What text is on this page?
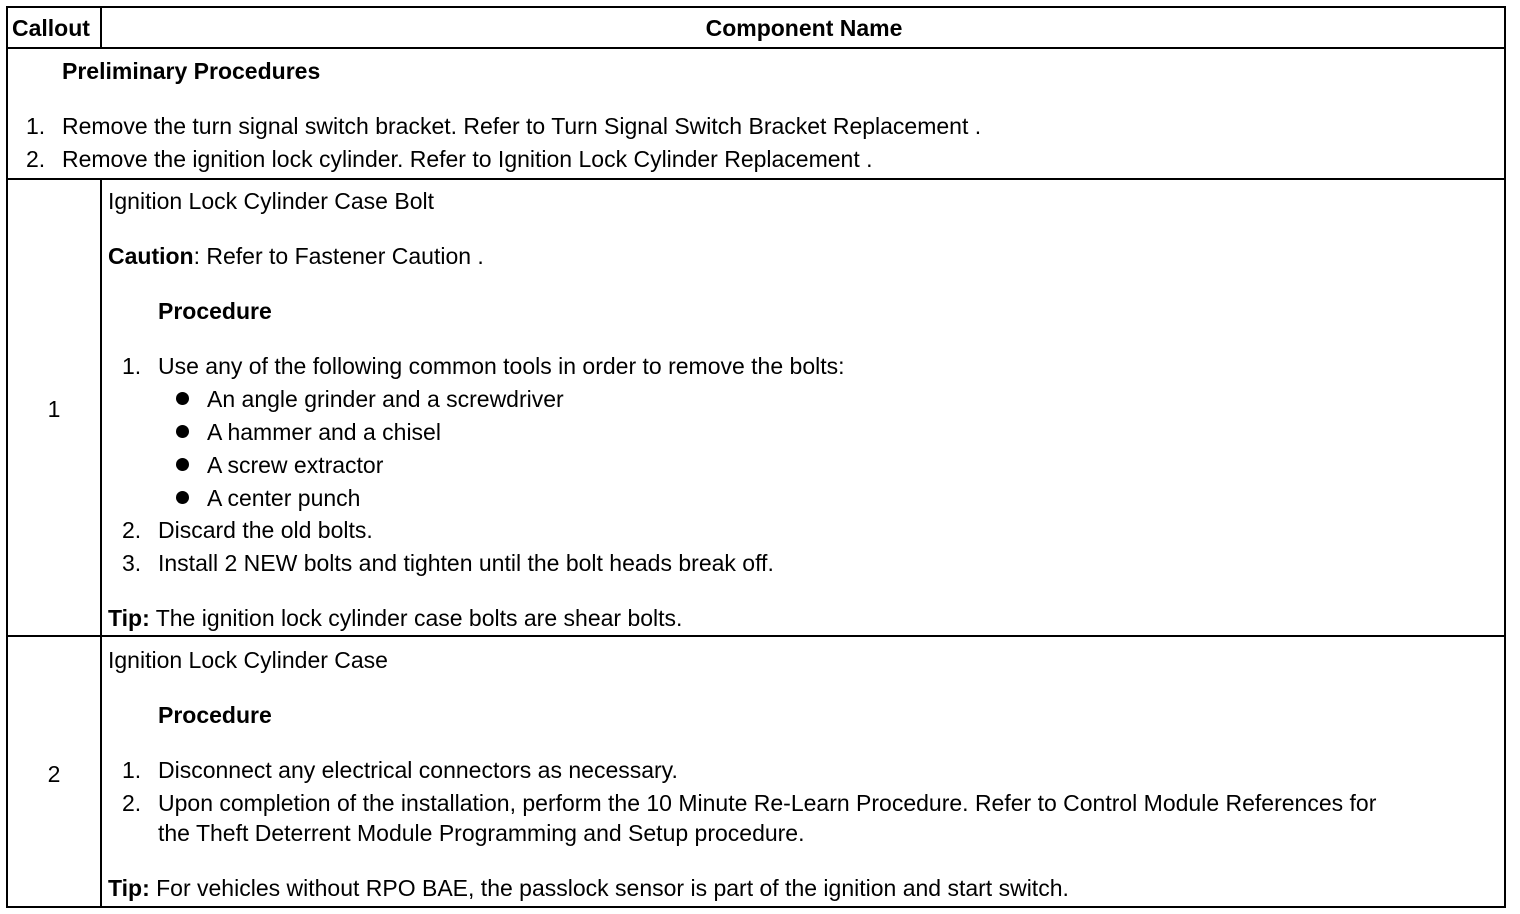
Callout	Component Name
Preliminary Procedures
1. Remove the turn signal switch bracket. Refer to Turn Signal Switch Bracket Replacement .
2. Remove the ignition lock cylinder. Refer to Ignition Lock Cylinder Replacement .
1
Ignition Lock Cylinder Case Bolt
Caution: Refer to Fastener Caution .
Procedure
1. Use any of the following common tools in order to remove the bolts:
An angle grinder and a screwdriver
A hammer and a chisel
A screw extractor
A center punch
2. Discard the old bolts.
3. Install 2 NEW bolts and tighten until the bolt heads break off.
Tip: The ignition lock cylinder case bolts are shear bolts.
2
Ignition Lock Cylinder Case
Procedure
1. Disconnect any electrical connectors as necessary.
2. Upon completion of the installation, perform the 10 Minute Re-Learn Procedure. Refer to Control Module References for
the Theft Deterrent Module Programming and Setup procedure.
Tip: For vehicles without RPO BAE, the passlock sensor is part of the ignition and start switch.
